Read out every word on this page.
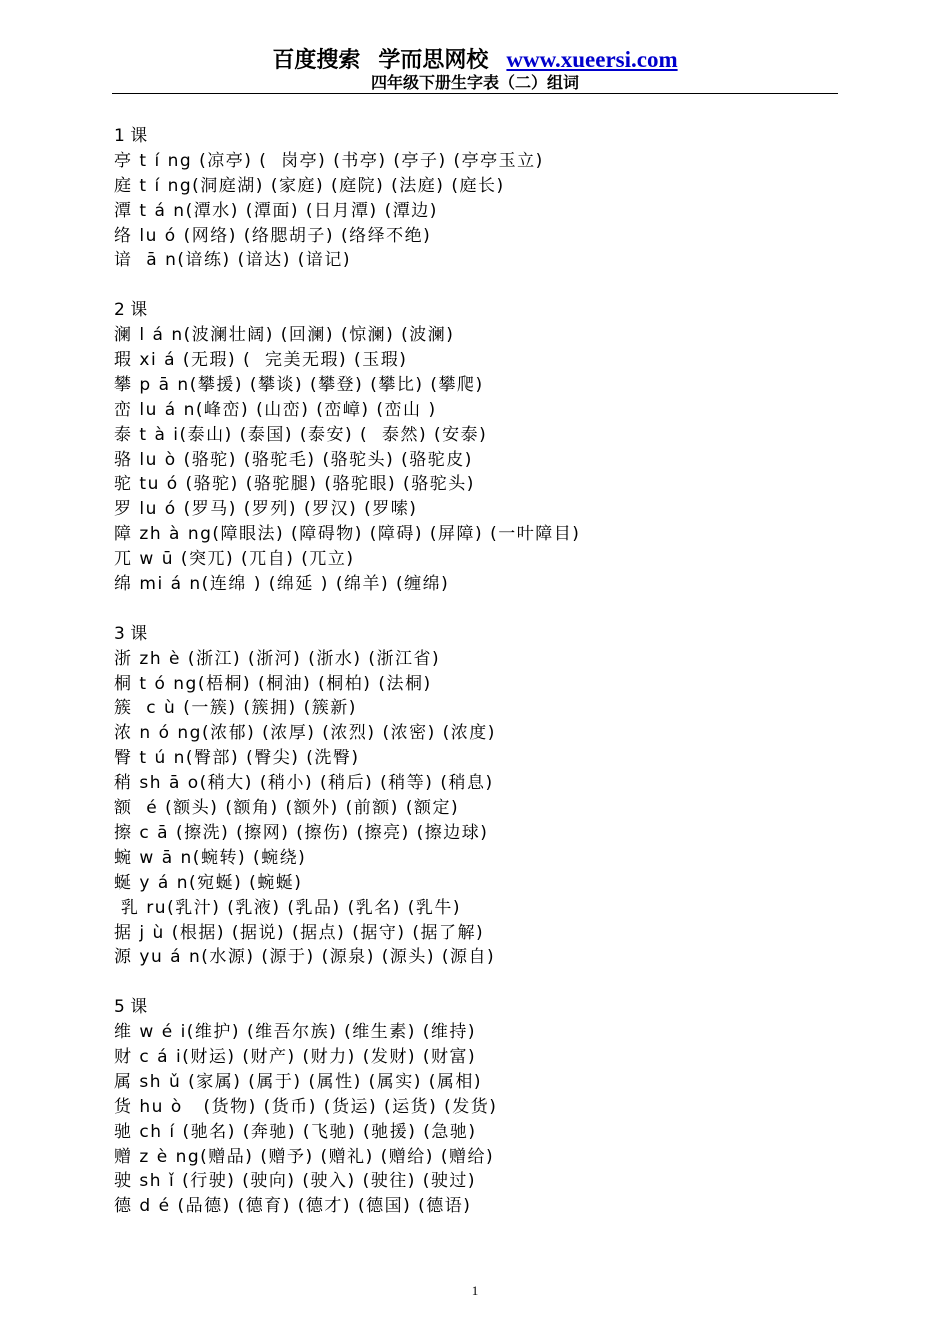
百度搜索 学而思网校 www.xueersi.com
四年级下册生字表（二）组词
1 课
亭 t í ng (凉亭) (  岗亭) (书亭) (亭子) (亭亭玉立)
庭 t í ng(洞庭湖) (家庭) (庭院) (法庭) (庭长)
潭 t á n(潭水) (潭面) (日月潭) (潭边)
络 lu ó (网络) (络腮胡子) (络绎不绝)
谙  ā n(谙练) (谙达) (谙记)
2 课
澜 l á n(波澜壮阔) (回澜) (惊澜) (波澜)
瑕 xi á (无瑕) (  完美无瑕) (玉瑕)
攀 p ā n(攀援) (攀谈) (攀登) (攀比) (攀爬)
峦 lu á n(峰峦) (山峦) (峦嶂) (峦山 )
泰 t à i(泰山) (泰国) (泰安) (  泰然) (安泰)
骆 lu ò (骆驼) (骆驼毛) (骆驼头) (骆驼皮)
驼 tu ó (骆驼) (骆驼腿) (骆驼眼) (骆驼头)
罗 lu ó (罗马) (罗列) (罗汉) (罗嗦)
障 zh à ng(障眼法) (障碍物) (障碍) (屏障) (一叶障目)
兀 w ū (突兀) (兀自) (兀立)
绵 mi á n(连绵 ) (绵延 ) (绵羊) (缠绵)
3 课
浙 zh è (浙江) (浙河) (浙水) (浙江省)
桐 t ó ng(梧桐) (桐油) (桐柏) (法桐)
簇  c ù (一簇) (簇拥) (簇新)
浓 n ó ng(浓郁) (浓厚) (浓烈) (浓密) (浓度)
臀 t ú n(臀部) (臀尖) (洗臀)
稍 sh ā o(稍大) (稍小) (稍后) (稍等) (稍息)
额  é (额头) (额角) (额外) (前额) (额定)
擦 c ā (擦洗) (擦网) (擦伤) (擦亮) (擦边球)
蜿 w ā n(蜿转) (蜿绕)
蜒 y á n(宛蜒) (蜿蜒)
乳 ru(乳汁) (乳液) (乳品) (乳名) (乳牛)
据 j ù (根据) (据说) (据点) (据守) (据了解)
源 yu á n(水源) (源于) (源泉) (源头) (源自)
5 课
维 w é i(维护) (维吾尔族) (维生素) (维持)
财 c á i(财运) (财产) (财力) (发财) (财富)
属 sh ǔ (家属) (属于) (属性) (属实) (属相)
货 hu ò   (货物) (货币) (货运) (运货) (发货)
驰 ch í (驰名) (奔驰) (飞驰) (驰援) (急驰)
赠 z è ng(赠品) (赠予) (赠礼) (赠给) (赠给)
驶 sh ǐ (行驶) (驶向) (驶入) (驶往) (驶过)
德 d é (品德) (德育) (德才) (德国) (德语)
1
